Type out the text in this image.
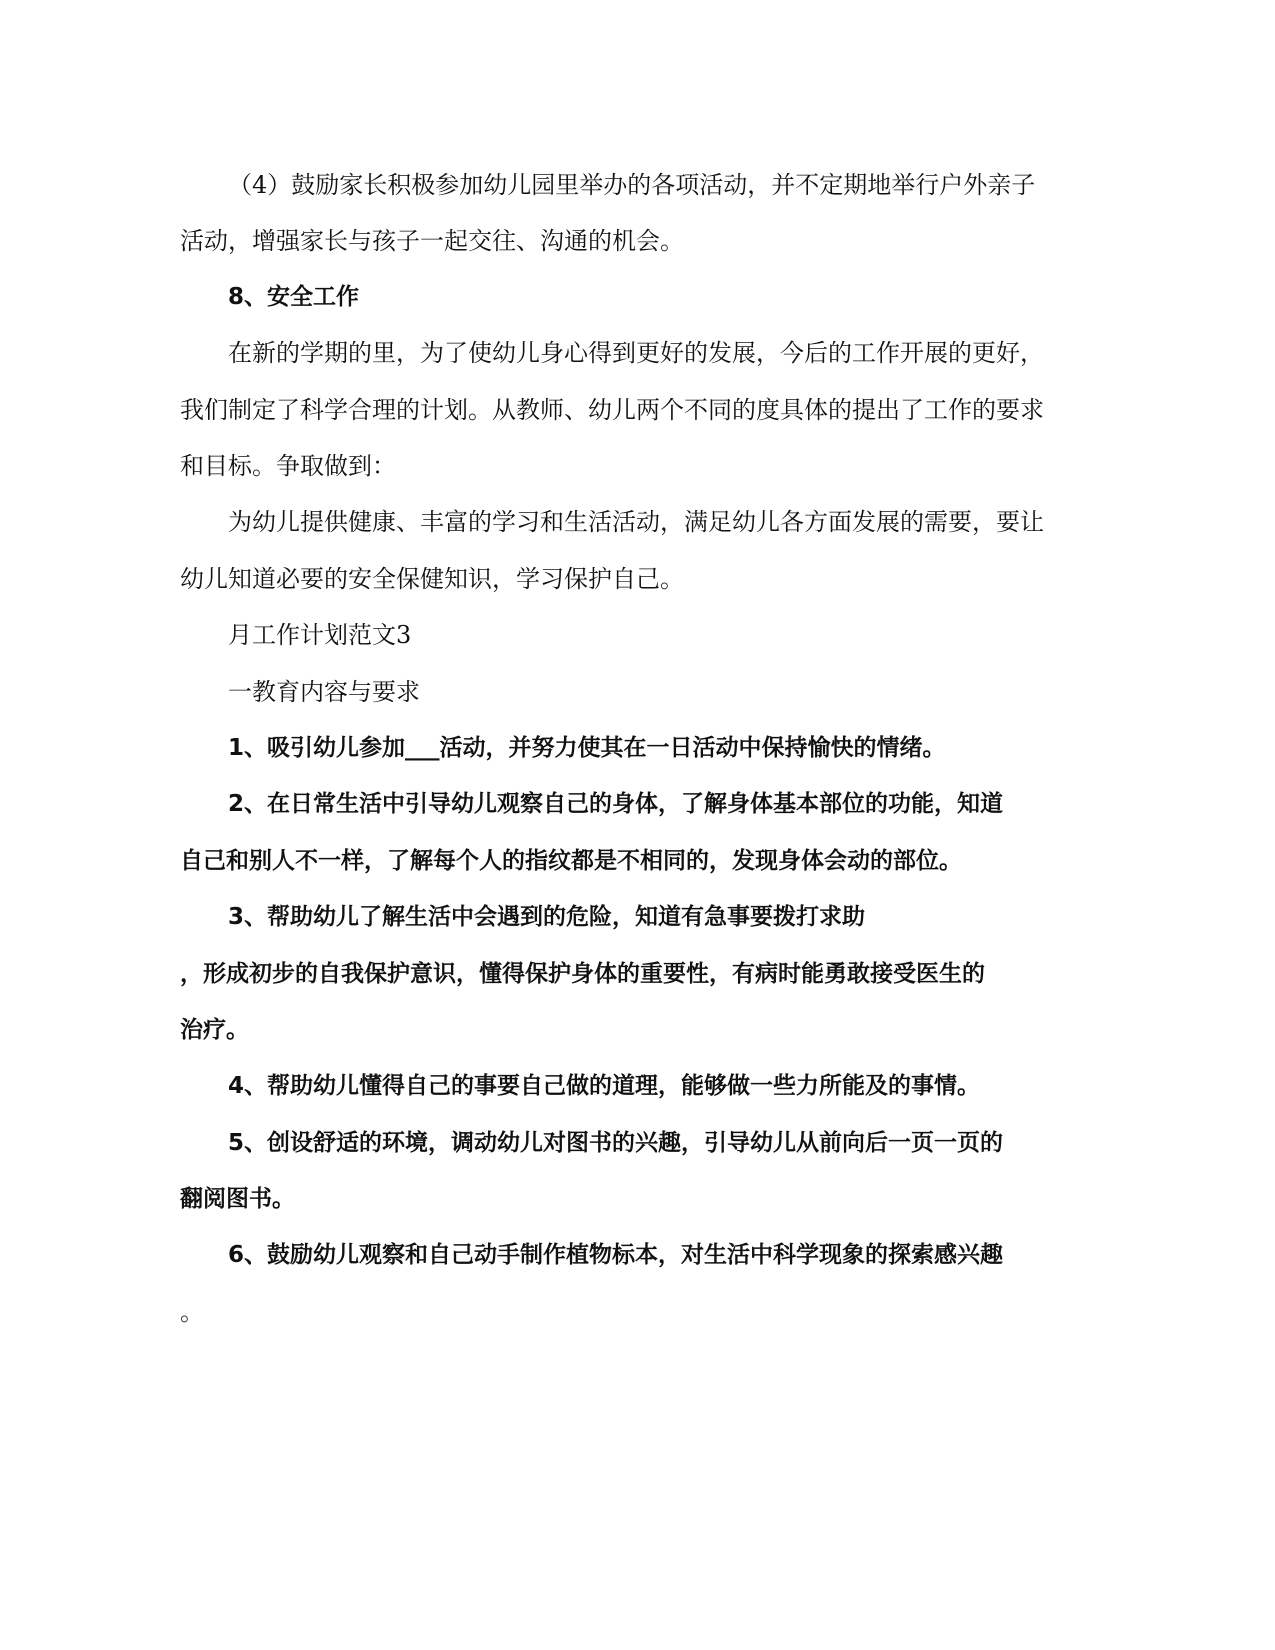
（4）鼓励家长积极参加幼儿园里举办的各项活动，并不定期地举行户外亲子
活动，增强家长与孩子一起交往、沟通的机会。
8、安全工作
在新的学期的里，为了使幼儿身心得到更好的发展，今后的工作开展的更好，
我们制定了科学合理的计划。从教师、幼儿两个不同的度具体的提出了工作的要求
和目标。争取做到：
为幼儿提供健康、丰富的学习和生活活动，满足幼儿各方面发展的需要，要让
幼儿知道必要的安全保健知识，学习保护自己。
月工作计划范文3
一教育内容与要求
1、吸引幼儿参加___活动，并努力使其在一日活动中保持愉快的情绪。
2、在日常生活中引导幼儿观察自己的身体，了解身体基本部位的功能，知道
自己和别人不一样，了解每个人的指纹都是不相同的，发现身体会动的部位。
3、帮助幼儿了解生活中会遇到的危险，知道有急事要拨打求助
，形成初步的自我保护意识，懂得保护身体的重要性，有病时能勇敢接受医生的
治疗。
4、帮助幼儿懂得自己的事要自己做的道理，能够做一些力所能及的事情。
5、创设舒适的环境，调动幼儿对图书的兴趣，引导幼儿从前向后一页一页的
翻阅图书。
6、鼓励幼儿观察和自己动手制作植物标本，对生活中科学现象的探索感兴趣
。
